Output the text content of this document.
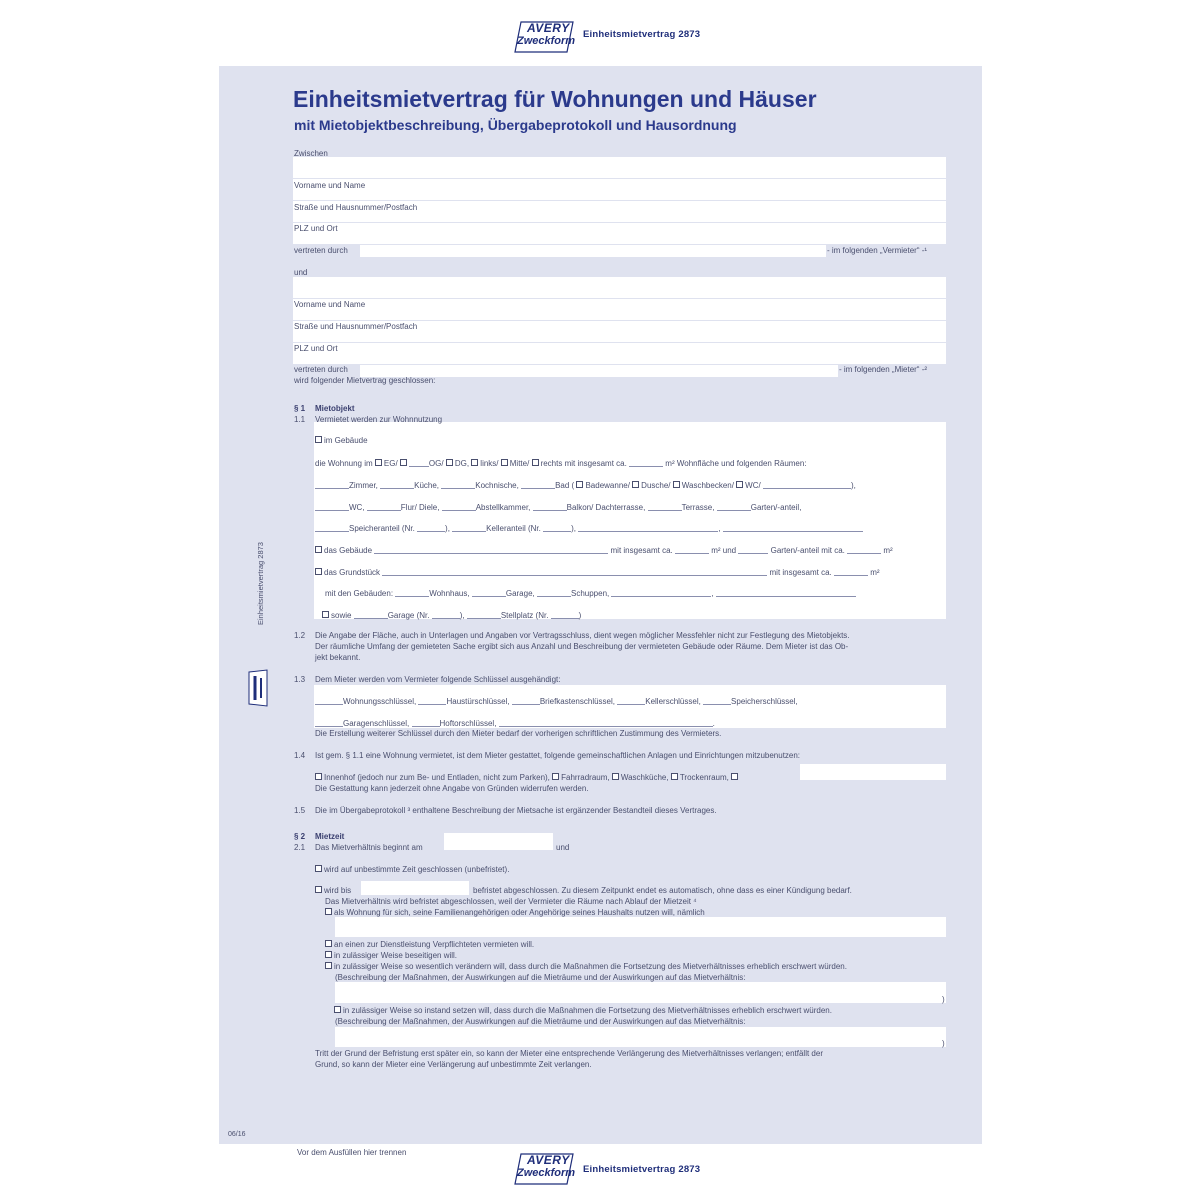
AVERY
Zweckform
Einheitsmietvertrag 2873
Einheitsmietvertrag für Wohnungen und Häuser
mit Mietobjektbeschreibung, Übergabeprotokoll und Hausordnung
Zwischen
Vorname und Name
Straße und Hausnummer/Postfach
PLZ und Ort
vertreten durch	- im folgenden „Vermieter“ -¹
und
Vorname und Name
Straße und Hausnummer/Postfach
PLZ und Ort
vertreten durch	- im folgenden „Mieter“ -²
wird folgender Mietvertrag geschlossen:
§ 1 Mietobjekt
1.1 Vermietet werden zur Wohnnutzung
im Gebäude
die Wohnung im EG/	OG/ DG, links/ Mitte/ rechts mit insgesamt ca.	m² Wohnfläche und folgenden Räumen:
Zimmer,	Küche,	Kochnische,	Bad ( Badewanne/ Dusche/ Waschbecken/ WC/	),
WC,	Flur/ Diele,	Abstellkammer,	Balkon/ Dachterrasse,	Terrasse,	Garten/-anteil,
Speicheranteil (Nr.	),	Kelleranteil (Nr.	),	,
das Gebäude	mit insgesamt ca.	m² und	Garten/-anteil mit ca.	m²
das Grundstück	mit insgesamt ca.	m²
mit den Gebäuden:	Wohnhaus,	Garage,	Schuppen,	,
sowie	Garage (Nr.	),	Stellplatz (Nr.	)
1.2 Die Angabe der Fläche, auch in Unterlagen und Angaben vor Vertragsschluss, dient wegen möglicher Messfehler nicht zur Festlegung des Mietobjekts.
Der räumliche Umfang der gemieteten Sache ergibt sich aus Anzahl und Beschreibung der vermieteten Gebäude oder Räume. Dem Mieter ist das Ob-
jekt bekannt.
1.3 Dem Mieter werden vom Vermieter folgende Schlüssel ausgehändigt:
Wohnungsschlüssel,	Haustürschlüssel,	Briefkastenschlüssel,	Kellerschlüssel,	Speicherschlüssel,
Garagenschlüssel,	Hoftorschlüssel,	.
Die Erstellung weiterer Schlüssel durch den Mieter bedarf der vorherigen schriftlichen Zustimmung des Vermieters.
1.4 Ist gem. § 1.1 eine Wohnung vermietet, ist dem Mieter gestattet, folgende gemeinschaftlichen Anlagen und Einrichtungen mitzubenutzen:
Innenhof (jedoch nur zum Be- und Entladen, nicht zum Parken), Fahrradraum, Waschküche, Trockenraum,
Die Gestattung kann jederzeit ohne Angabe von Gründen widerrufen werden.
1.5 Die im Übergabeprotokoll ³ enthaltene Beschreibung der Mietsache ist ergänzender Bestandteil dieses Vertrages.
§ 2 Mietzeit
2.1 Das Mietverhältnis beginnt am	und
wird auf unbestimmte Zeit geschlossen (unbefristet).
wird bis	befristet abgeschlossen. Zu diesem Zeitpunkt endet es automatisch, ohne dass es einer Kündigung bedarf.
Das Mietverhältnis wird befristet abgeschlossen, weil der Vermieter die Räume nach Ablauf der Mietzeit ⁴
als Wohnung für sich, seine Familienangehörigen oder Angehörige seines Haushalts nutzen will, nämlich
an einen zur Dienstleistung Verpflichteten vermieten will.
in zulässiger Weise beseitigen will.
in zulässiger Weise so wesentlich verändern will, dass durch die Maßnahmen die Fortsetzung des Mietverhältnisses erheblich erschwert würden.
(Beschreibung der Maßnahmen, der Auswirkungen auf die Mieträume und der Auswirkungen auf das Mietverhältnis:
)
in zulässiger Weise so instand setzen will, dass durch die Maßnahmen die Fortsetzung des Mietverhältnisses erheblich erschwert würden.
(Beschreibung der Maßnahmen, der Auswirkungen auf die Mieträume und der Auswirkungen auf das Mietverhältnis:
)
Tritt der Grund der Befristung erst später ein, so kann der Mieter eine entsprechende Verlängerung des Mietverhältnisses verlangen; entfällt der
Grund, so kann der Mieter eine Verlängerung auf unbestimmte Zeit verlangen.
Einheitsmietvertrag 2873
06/16
Vor dem Ausfüllen hier trennen
AVERY
Zweckform Einheitsmietvertrag 2873
